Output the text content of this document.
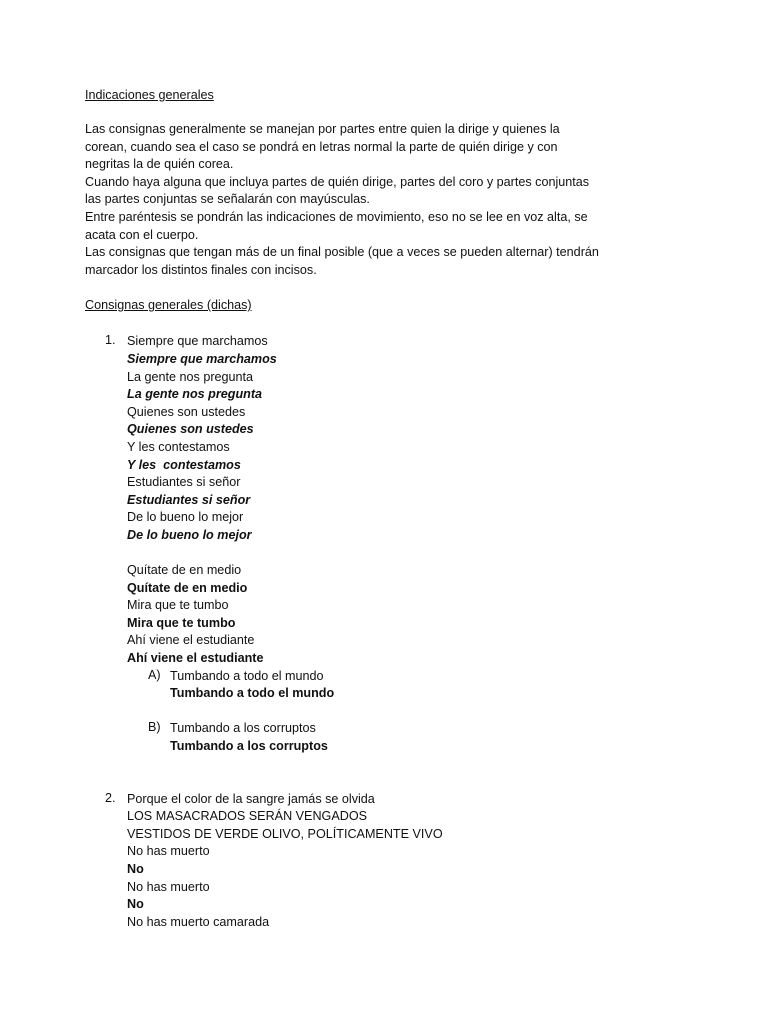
Indicaciones generales

Las consignas generalmente se manejan por partes entre quien la dirige y quienes la

corean, cuando sea el caso se pondrá en letras normal la parte de quién dirige y con

negritas la de quién corea.

Cuando haya alguna que incluya partes de quién dirige, partes del coro y partes conjuntas

las partes conjuntas se señalarán con mayúsculas.

Entre paréntesis se pondrán las indicaciones de movimiento, eso no se lee en voz alta, se

acata con el cuerpo.

Las consignas que tengan más de un final posible (que a veces se pueden alternar) tendrán

marcador los distintos finales con incisos.

Consignas generales (dichas)

1. Siempre que marchamos
Siempre que marchamos
La gente nos pregunta
La gente nos pregunta
Quienes son ustedes
Quienes son ustedes
Y les contestamos
Y les  contestamos
Estudiantes si señor
Estudiantes si señor
De lo bueno lo mejor
De lo bueno lo mejor
Quítate de en medio
Quítate de en medio
Mira que te tumbo
Mira que te tumbo
Ahí viene el estudiante
Ahí viene el estudiante
A) Tumbando a todo el mundo
Tumbando a todo el mundo
B) Tumbando a los corruptos
Tumbando a los corruptos
2. Porque el color de la sangre jamás se olvida
LOS MASACRADOS SERÁN VENGADOS
VESTIDOS DE VERDE OLIVO, POLÍTICAMENTE VIVO
No has muerto
No
No has muerto
No
No has muerto camarada
